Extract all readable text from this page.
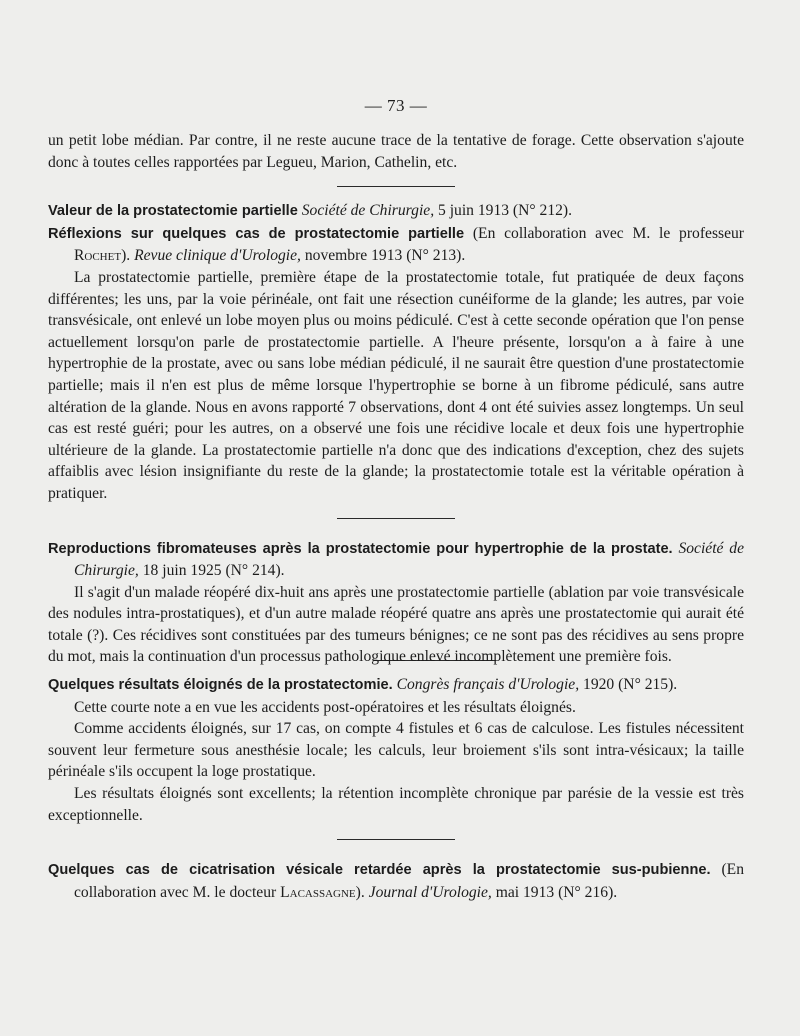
— 73 —

un petit lobe médian. Par contre, il ne reste aucune trace de la tentative de forage. Cette observation s'ajoute donc à toutes celles rapportées par Legueu, Marion, Cathelin, etc.

Valeur de la prostatectomie partielle Société de Chirurgie, 5 juin 1913 (N° 212).

Réflexions sur quelques cas de prostatectomie partielle (En collaboration avec M. le professeur Rochet). Revue clinique d'Urologie, novembre 1913 (N° 213).

La prostatectomie partielle, première étape de la prostatectomie totale, fut pratiquée de deux façons différentes; les uns, par la voie périnéale, ont fait une résection cunéiforme de la glande; les autres, par voie transvésicale, ont enlevé un lobe moyen plus ou moins pédiculé. C'est à cette seconde opération que l'on pense actuellement lorsqu'on parle de prostatectomie partielle. A l'heure présente, lorsqu'on a à faire à une hypertrophie de la prostate, avec ou sans lobe médian pédiculé, il ne saurait être question d'une prostatectomie partielle; mais il n'en est plus de même lorsque l'hypertrophie se borne à un fibrome pédiculé, sans autre altération de la glande. Nous en avons rapporté 7 observations, dont 4 ont été suivies assez longtemps. Un seul cas est resté guéri; pour les autres, on a observé une fois une récidive locale et deux fois une hypertrophie ultérieure de la glande. La prostatectomie partielle n'a donc que des indications d'exception, chez des sujets affaiblis avec lésion insignifiante du reste de la glande; la prostatectomie totale est la véritable opération à pratiquer.

Reproductions fibromateuses après la prostatectomie pour hypertrophie de la prostate. Société de Chirurgie, 18 juin 1925 (N° 214).

Il s'agit d'un malade réopéré dix-huit ans après une prostatectomie partielle (ablation par voie transvésicale des nodules intra-prostatiques), et d'un autre malade réopéré quatre ans après une prostatectomie qui aurait été totale (?). Ces récidives sont constituées par des tumeurs bénignes; ce ne sont pas des récidives au sens propre du mot, mais la continuation d'un processus pathologique enlevé incomplètement une première fois.

Quelques résultats éloignés de la prostatectomie. Congrès français d'Urologie, 1920 (N° 215).

Cette courte note a en vue les accidents post-opératoires et les résultats éloignés.

Comme accidents éloignés, sur 17 cas, on compte 4 fistules et 6 cas de calculose. Les fistules nécessitent souvent leur fermeture sous anesthésie locale; les calculs, leur broiement s'ils sont intra-vésicaux; la taille périnéale s'ils occupent la loge prostatique.

Les résultats éloignés sont excellents; la rétention incomplète chronique par parésie de la vessie est très exceptionnelle.

Quelques cas de cicatrisation vésicale retardée après la prostatectomie sus-pubienne. (En collaboration avec M. le docteur Lacassagne). Journal d'Urologie, mai 1913 (N° 216).
